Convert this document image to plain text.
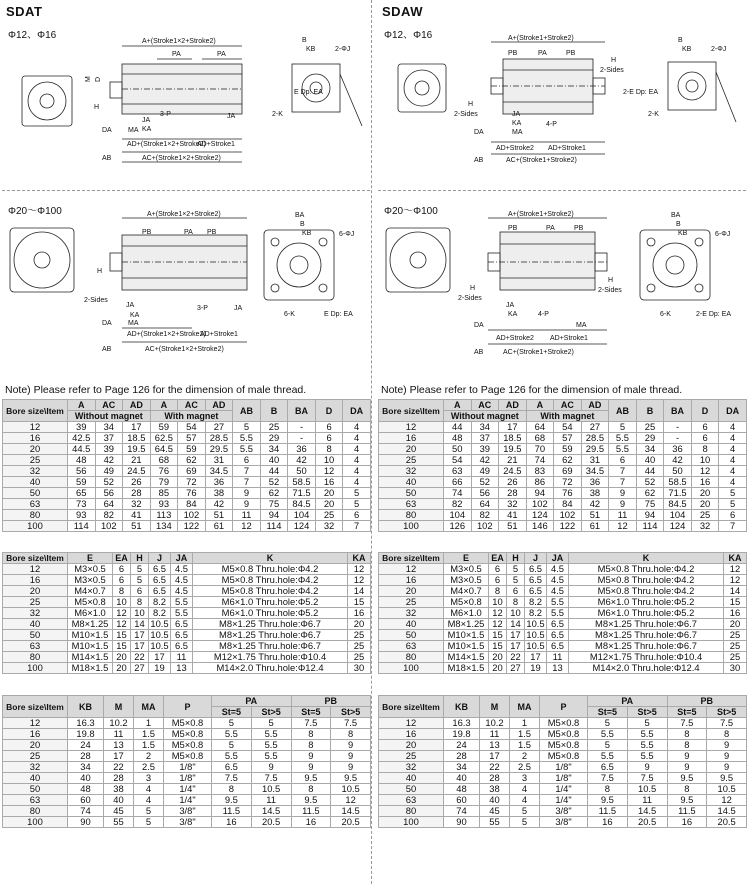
SDAT
Φ12、Φ16
A+(Stroke1×2+Stroke2)
PA	PA
M D
H
JA
KA
3-P	JA
DA MA
AD+(Stroke1×2+Stroke2)
AD+Stroke1
AC+(Stroke1×2+Stroke2)
AB
B
KB	2-ΦJ
E Dp: EA
2-K
Φ20～Φ100	A+(Stroke1×2+Stroke2)
PB	PA PB
H
2-Sides
JA
KA
3-P	JA
DA MA
AD+(Stroke1×2+Stroke2)
AD+Stroke1
AC+(Stroke1×2+Stroke2)
AB
BA
B
KB	6-ΦJ
6-K	E Dp: EA
Note) Please refer to Page 126 for the dimension of male thread.
Bore size\Item	A	AC	AD	A	AC	AD	AB	B	BA	D	DA
	Without magnet			With magnet							
12	39	34	17	59	54	27	5	25	-	6	4
16	42.5	37	18.5	62.5	57	28.5	5.5	29	-	6	4
20	44.5	39	19.5	64.5	59	29.5	5.5	34	36	8	4
25	48	42	21	68	62	31	6	40	42	10	4
32	56	49	24.5	76	69	34.5	7	44	50	12	4
40	59	52	26	79	72	36	7	52	58.5	16	4
50	65	56	28	85	76	38	9	62	71.5	20	5
63	73	64	32	93	84	42	9	75	84.5	20	5
80	93	82	41	113	102	51	11	94	104	25	6
100	114	102	51	134	122	61	12	114	124	32	7
Bore size\Item	E	EA	H	J	JA	K	KA
12	M3×0.5	6	5	6.5	4.5	M5×0.8 Thru.hole:Φ4.2	12
16	M3×0.5	6	5	6.5	4.5	M5×0.8 Thru.hole:Φ4.2	12
20	M4×0.7	8	6	6.5	4.5	M5×0.8 Thru.hole:Φ4.2	14
25	M5×0.8	10	8	8.2	5.5	M6×1.0 Thru.hole:Φ5.2	15
32	M6×1.0	12	10	8.2	5.5	M6×1.0 Thru.hole:Φ5.2	16
40	M8×1.25	12	14	10.5	6.5	M8×1.25 Thru.hole:Φ6.7	20
50	M10×1.5	15	17	10.5	6.5	M8×1.25 Thru.hole:Φ6.7	25
63	M10×1.5	15	17	10.5	6.5	M8×1.25 Thru.hole:Φ6.7	25
80	M14×1.5	20	22	17	11	M12×1.75 Thru.hole:Φ10.4	25
100	M18×1.5	20	27	19	13	M14×2.0 Thru.hole:Φ12.4	30
Bore size\Item	KB	M	MA	P	PA		PB	
					St=5	St>5	St=5	St>5
12	16.3	10.2	1	M5×0.8	5	5	7.5	7.5
16	19.8	11	1.5	M5×0.8	5.5	5.5	8	8
20	24	13	1.5	M5×0.8	5	5.5	8	9
25	28	17	2	M5×0.8	5.5	5.5	9	9
32	34	22	2.5	1/8"	6.5	9	9	9
40	40	28	3	1/8"	7.5	7.5	9.5	9.5
50	48	38	4	1/4"	8	10.5	8	10.5
63	60	40	4	1/4"	9.5	11	9.5	12
80	74	45	5	3/8"	11.5	14.5	11.5	14.5
100	90	55	5	3/8"	16	20.5	16	20.5
SDAW
Φ12、Φ16	A+(Stroke1+Stroke2)
PB	PA	PB
H
2-Sides
H
2-Sides	JA
KA	4-P
DA	MA
AD+Stroke2 AD+Stroke1
AC+(Stroke1+Stroke2)
AB
B
KB	2-ΦJ
2-E Dp: EA
2-K
Φ20～Φ100	A+(Stroke1+Stroke2)
PB	PA	PB
H
2-Sides
H
2-Sides
JA
KA	4-P
DA	MA
AD+Stroke2 AD+Stroke1
AC+(Stroke1+Stroke2)
AB
BA
B
KB	6-ΦJ
6-K	2-E Dp: EA
Note) Please refer to Page 126 for the dimension of male thread.
Bore size\Item	A	AC	AD	A	AC	AD	AB	B	BA	D	DA
	Without magnet			With magnet							
12	44	34	17	64	54	27	5	25	-	6	4
16	48	37	18.5	68	57	28.5	5.5	29	-	6	4
20	50	39	19.5	70	59	29.5	5.5	34	36	8	4
25	54	42	21	74	62	31	6	40	42	10	4
32	63	49	24.5	83	69	34.5	7	44	50	12	4
40	66	52	26	86	72	36	7	52	58.5	16	4
50	74	56	28	94	76	38	9	62	71.5	20	5
63	82	64	32	102	84	42	9	75	84.5	20	5
80	104	82	41	124	102	51	11	94	104	25	6
100	126	102	51	146	122	61	12	114	124	32	7
Bore size\Item	E	EA	H	J	JA	K	KA
12	M3×0.5	6	5	6.5	4.5	M5×0.8 Thru.hole:Φ4.2	12
16	M3×0.5	6	5	6.5	4.5	M5×0.8 Thru.hole:Φ4.2	12
20	M4×0.7	8	6	6.5	4.5	M5×0.8 Thru.hole:Φ4.2	14
25	M5×0.8	10	8	8.2	5.5	M6×1.0 Thru.hole:Φ5.2	15
32	M6×1.0	12	10	8.2	5.5	M6×1.0 Thru.hole:Φ5.2	16
40	M8×1.25	12	14	10.5	6.5	M8×1.25 Thru.hole:Φ6.7	20
50	M10×1.5	15	17	10.5	6.5	M8×1.25 Thru.hole:Φ6.7	25
63	M10×1.5	15	17	10.5	6.5	M8×1.25 Thru.hole:Φ6.7	25
80	M14×1.5	20	22	17	11	M12×1.75 Thru.hole:Φ10.4	25
100	M18×1.5	20	27	19	13	M14×2.0 Thru.hole:Φ12.4	30
Bore size\Item	KB	M	MA	P	PA		PB	
					St=5	St>5	St=5	St>5
12	16.3	10.2	1	M5×0.8	5	5	7.5	7.5
16	19.8	11	1.5	M5×0.8	5.5	5.5	8	8
20	24	13	1.5	M5×0.8	5	5.5	8	9
25	28	17	2	M5×0.8	5.5	5.5	9	9
32	34	22	2.5	1/8"	6.5	9	9	9
40	40	28	3	1/8"	7.5	7.5	9.5	9.5
50	48	38	4	1/4"	8	10.5	8	10.5
63	60	40	4	1/4"	9.5	11	9.5	12
80	74	45	5	3/8"	11.5	14.5	11.5	14.5
100	90	55	5	3/8"	16	20.5	16	20.5
